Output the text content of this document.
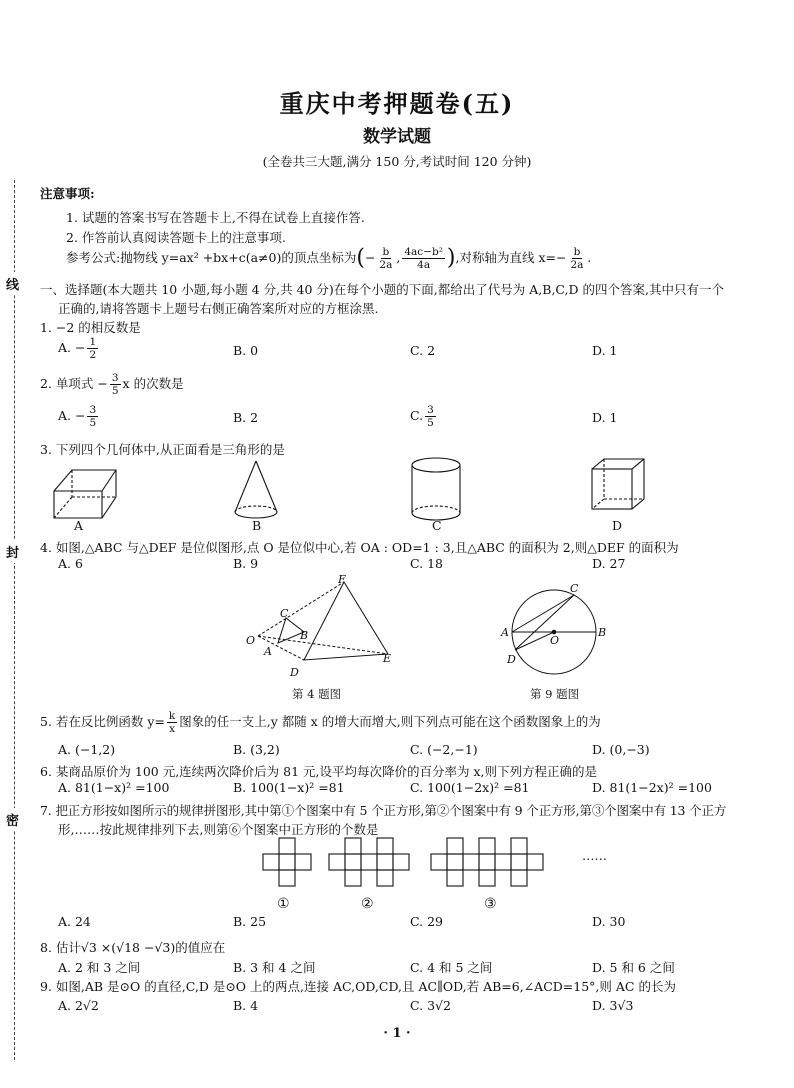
线
封
密
重庆中考押题卷(五)
数学试题
(全卷共三大题,满分 150 分,考试时间 120 分钟)
注意事项:
1. 试题的答案书写在答题卡上,不得在试卷上直接作答.
2. 作答前认真阅读答题卡上的注意事项.
参考公式:抛物线 y=ax² +bx+c(a≠0)的顶点坐标为(− $\frac{b}{2a}$ , $\frac{\text{4ac−b²}}{4a}$ ),对称轴为直线 $x=- \frac{b}{2a}$ .
一、选择题(本大题共 10 小题,每小题 4 分,共 40 分)在每个小题的下面,都给出了代号为 A,B,C,D 的四个答案,其中只有一个
正确的,请将答题卡上题号右侧正确答案所对应的方框涂黑.
1. −2 的相反数是
A. − $\frac{1}{2}$	B. 0	C. 2	D. 1
2. 单项式 − $\frac{3}{5}$ x 的次数是
A. − $\frac{3}{5}$	B. 2	C. $\frac{3}{5}$	D. 1
3. 下列四个几何体中,从正面看是三角形的是
A	B	C	D
4. 如图,△ABC 与△DEF 是位似图形,点 O 是位似中心,若 OA : OD=1 : 3,且△ABC 的面积为 2,则△DEF 的面积为
A. 6	B. 9	C. 18	D. 27
F
C
B
O
A
E
D
第 4 题图
C
A	B
O
D
第 9 题图
5. 若在反比例函数 $y= \frac{k}{x}$ 图象的任一支上,y 都随 x 的增大而增大,则下列点可能在这个函数图象上的为
A. (−1,2)	B. (3,2)	C. (−2,−1)	D. (0,−3)
6. 某商品原价为 100 元,连续两次降价后为 81 元,设平均每次降价的百分率为 x,则下列方程正确的是
A. 81(1−x)² =100	B. 100(1−x)² =81	C. 100(1−2x)² =81	D. 81(1−2x)² =100
7. 把正方形按如图所示的规律拼图形,其中第①个图案中有 5 个正方形,第②个图案中有 9 个正方形,第③个图案中有 13 个正方
形,……按此规律排列下去,则第⑥个图案中正方形的个数是
……
①	②	③
A. 24	B. 25	C. 29	D. 30
8. 估计√3 ×(√18 −√3)的值应在
A. 2 和 3 之间	B. 3 和 4 之间	C. 4 和 5 之间	D. 5 和 6 之间
9. 如图,AB 是⊙O 的直径,C,D 是⊙O 上的两点,连接 AC,OD,CD,且 AC∥OD,若 AB=6,∠ACD=15°,则 AC 的长为
A. 2√2	B. 4	C. 3√2	D. 3√3
· 1 ·
